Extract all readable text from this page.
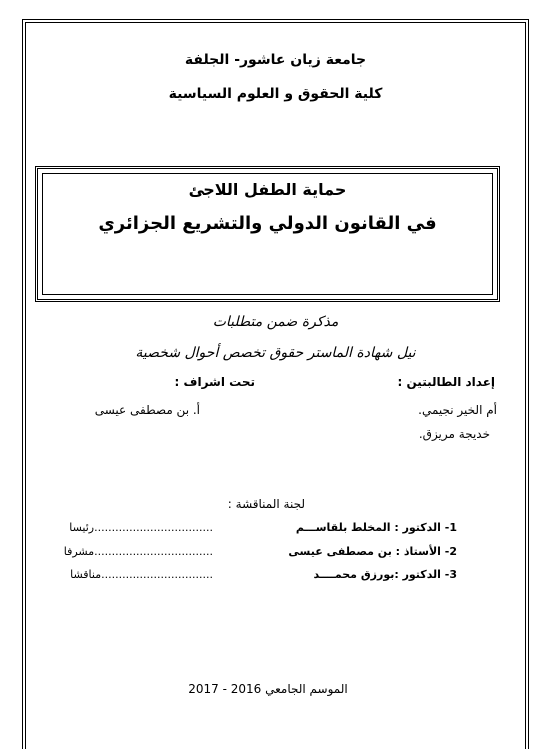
جامعة زيان عاشور- الجلفة
كلية الحقوق و العلوم السياسية
حماية الطفل اللاجئ
في القانون الدولي والتشريع الجزائري
مذكرة ضمن متطلبات
نيل شهادة الماستر حقوق تخصص أحوال شخصية
إعداد الطالبتين :
تحت اشراف :
أم الخير نجيمي.
أ. بن مصطفى عيسى
خديجة مريزق.
لجنة المناقشة :
1- الدكتور : المخلط بلقاســـم
..................................رئيسا
2- الأستاذ : بن مصطفى عيسى
..................................مشرفا
3- الدكتور :بورزق محمــــد
................................مناقشا
الموسم الجامعي 2016 - 2017
